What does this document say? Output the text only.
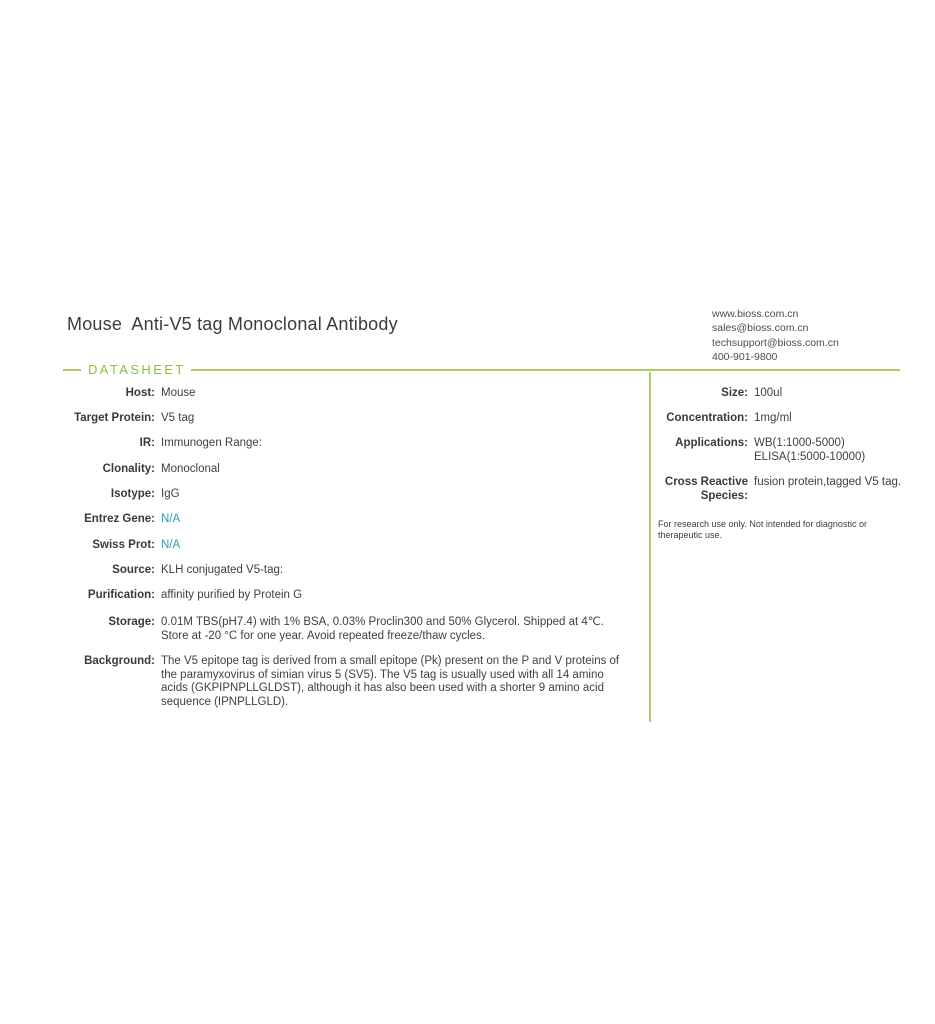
Mouse  Anti-V5 tag Monoclonal Antibody	www.bioss.com.cn
sales@bioss.com.cn
techsupport@bioss.com.cn
400-901-9800
DATASHEET
Host: Mouse
Target Protein: V5 tag
IR: Immunogen Range:
Clonality: Monoclonal
Isotype: IgG
Entrez Gene: N/A
Swiss Prot: N/A
Source: KLH conjugated V5-tag:
Purification: affinity purified by Protein G
Storage: 0.01M TBS(pH7.4) with 1% BSA, 0.03% Proclin300 and 50% Glycerol. Shipped at 4℃.
Store at -20 °C for one year. Avoid repeated freeze/thaw cycles.
Background: The V5 epitope tag is derived from a small epitope (Pk) present on the P and V proteins of
the paramyxovirus of simian virus 5 (SV5). The V5 tag is usually used with all 14 amino
acids (GKPIPNPLLGLDST), although it has also been used with a shorter 9 amino acid
sequence (IPNPLLGLD).
Size: 100ul
Concentration: 1mg/ml
Applications: WB(1:1000-5000)
ELISA(1:5000-10000)
Cross Reactive
Species:
fusion protein,tagged V5 tag.
For research use only. Not intended for diagnostic or
therapeutic use.
